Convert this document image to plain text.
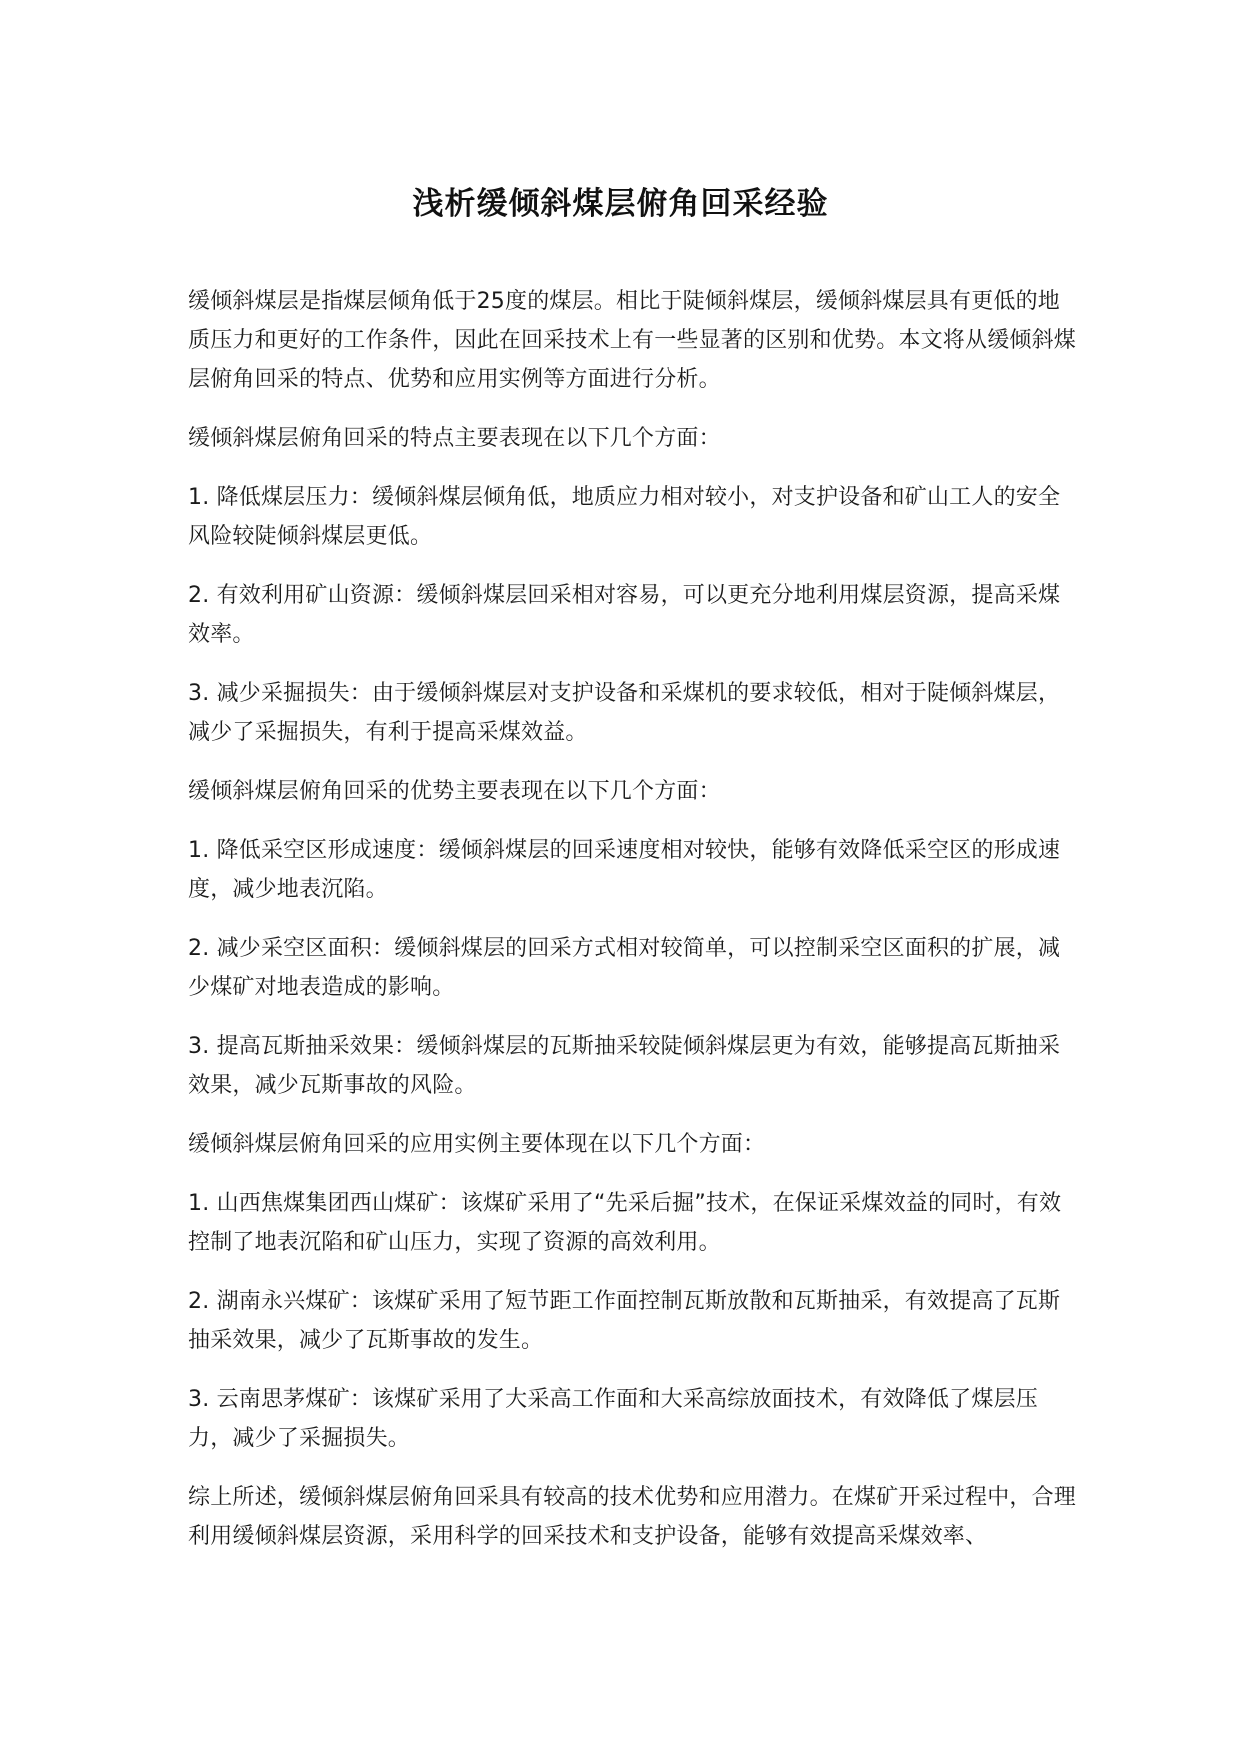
浅析缓倾斜煤层俯角回采经验

缓倾斜煤层是指煤层倾角低于25度的煤层。相比于陡倾斜煤层，缓倾斜煤层具有更低的地质压力和更好的工作条件，因此在回采技术上有一些显著的区别和优势。本文将从缓倾斜煤层俯角回采的特点、优势和应用实例等方面进行分析。

缓倾斜煤层俯角回采的特点主要表现在以下几个方面：

1. 降低煤层压力：缓倾斜煤层倾角低，地质应力相对较小，对支护设备和矿山工人的安全风险较陡倾斜煤层更低。

2. 有效利用矿山资源：缓倾斜煤层回采相对容易，可以更充分地利用煤层资源，提高采煤效率。

3. 减少采掘损失：由于缓倾斜煤层对支护设备和采煤机的要求较低，相对于陡倾斜煤层，减少了采掘损失，有利于提高采煤效益。

缓倾斜煤层俯角回采的优势主要表现在以下几个方面：

1. 降低采空区形成速度：缓倾斜煤层的回采速度相对较快，能够有效降低采空区的形成速度，减少地表沉陷。

2. 减少采空区面积：缓倾斜煤层的回采方式相对较简单，可以控制采空区面积的扩展，减少煤矿对地表造成的影响。

3. 提高瓦斯抽采效果：缓倾斜煤层的瓦斯抽采较陡倾斜煤层更为有效，能够提高瓦斯抽采效果，减少瓦斯事故的风险。

缓倾斜煤层俯角回采的应用实例主要体现在以下几个方面：

1. 山西焦煤集团西山煤矿：该煤矿采用了“先采后掘”技术，在保证采煤效益的同时，有效控制了地表沉陷和矿山压力，实现了资源的高效利用。

2. 湖南永兴煤矿：该煤矿采用了短节距工作面控制瓦斯放散和瓦斯抽采，有效提高了瓦斯抽采效果，减少了瓦斯事故的发生。

3. 云南思茅煤矿：该煤矿采用了大采高工作面和大采高综放面技术，有效降低了煤层压力，减少了采掘损失。

综上所述，缓倾斜煤层俯角回采具有较高的技术优势和应用潜力。在煤矿开采过程中，合理利用缓倾斜煤层资源，采用科学的回采技术和支护设备，能够有效提高采煤效率、
